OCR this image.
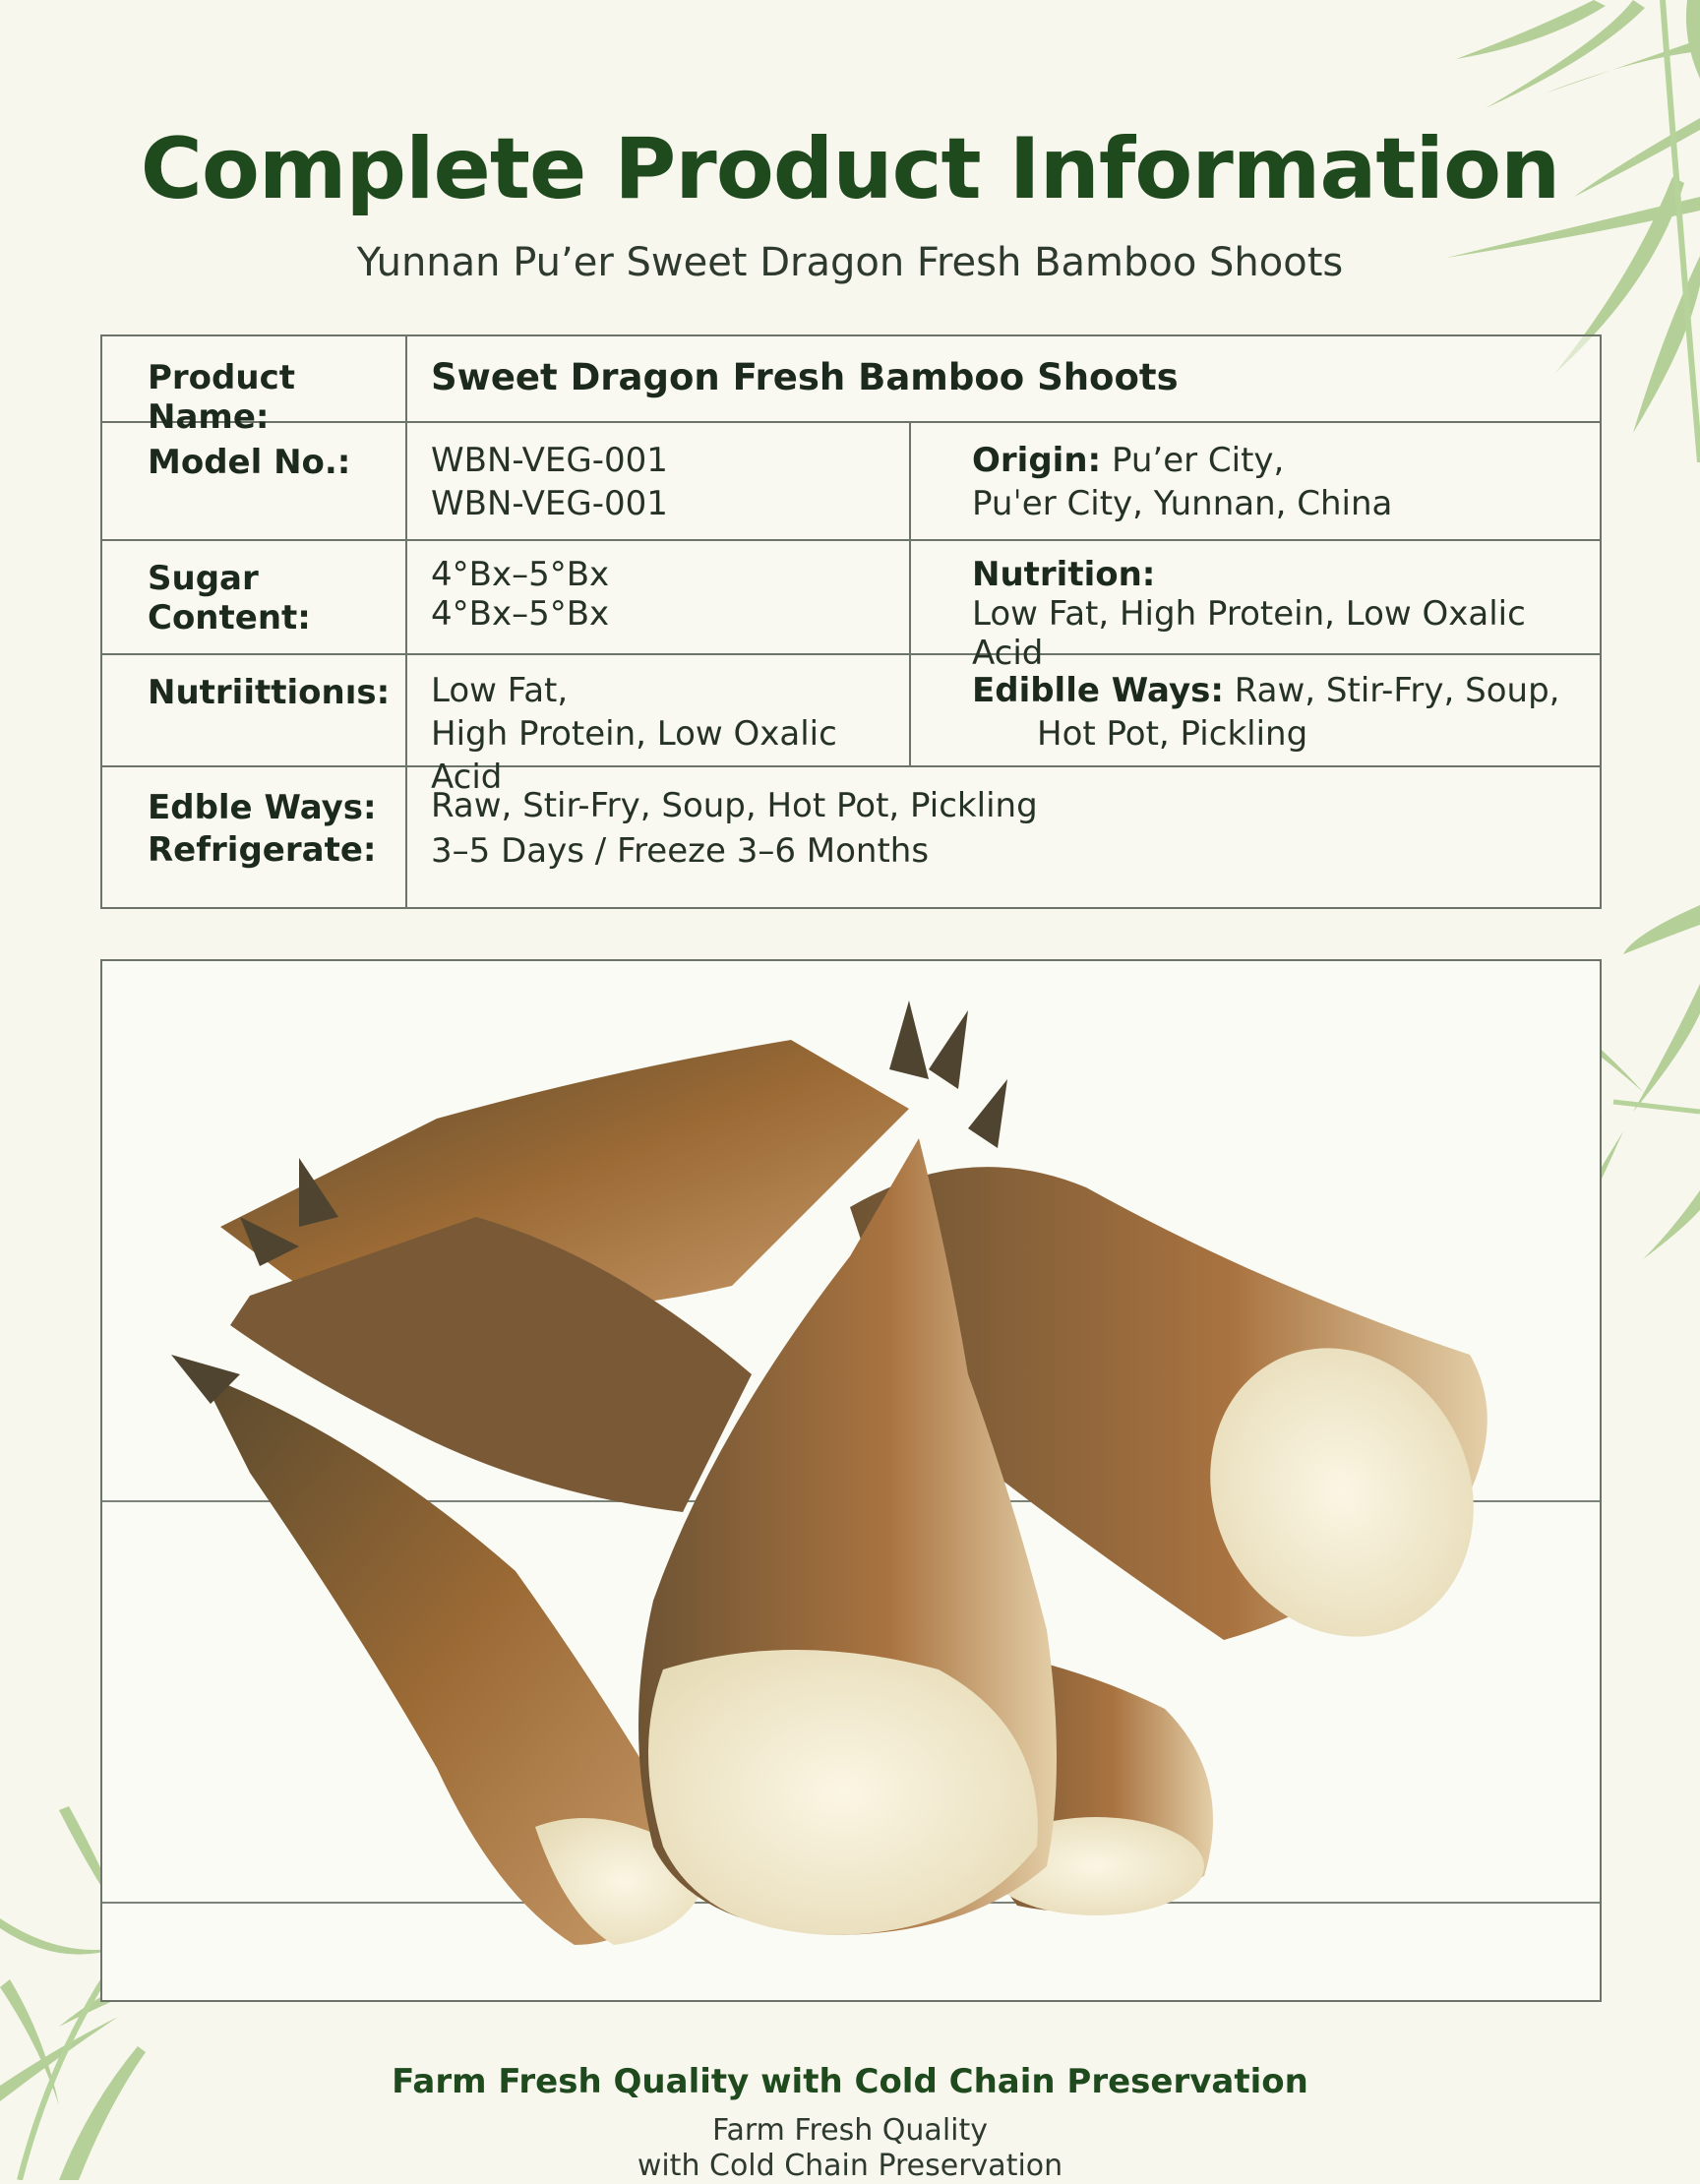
Complete Product Information

Yunnan Pu’er Sweet Dragon Fresh Bamboo Shoots

Product Name:
Sweet Dragon Fresh Bamboo Shoots
Model No.:	WBN-VEG-001
WBN-VEG-001
Origin: Pu’er City,
Puˈer City, Yunnan, China
Sugar Content:
4°Bx–5°Bx
4°Bx–5°Bx
Nutrition:
Low Fat, High Protein, Low Oxalic Acid
Nutriittionıs:	Low Fat,
High Protein, Low Oxalic Acid
Ediblle Ways: Raw, Stir-Fry, Soup,
Hot Pot, Pickling
Edble Ways:
Refrigerate:
Raw, Stir-Fry, Soup, Hot Pot, Pickling
3–5 Days / Freeze 3–6 Months
Farm Fresh Quality with Cold Chain Preservation
Farm Fresh Quality
with Cold Chain Preservation
